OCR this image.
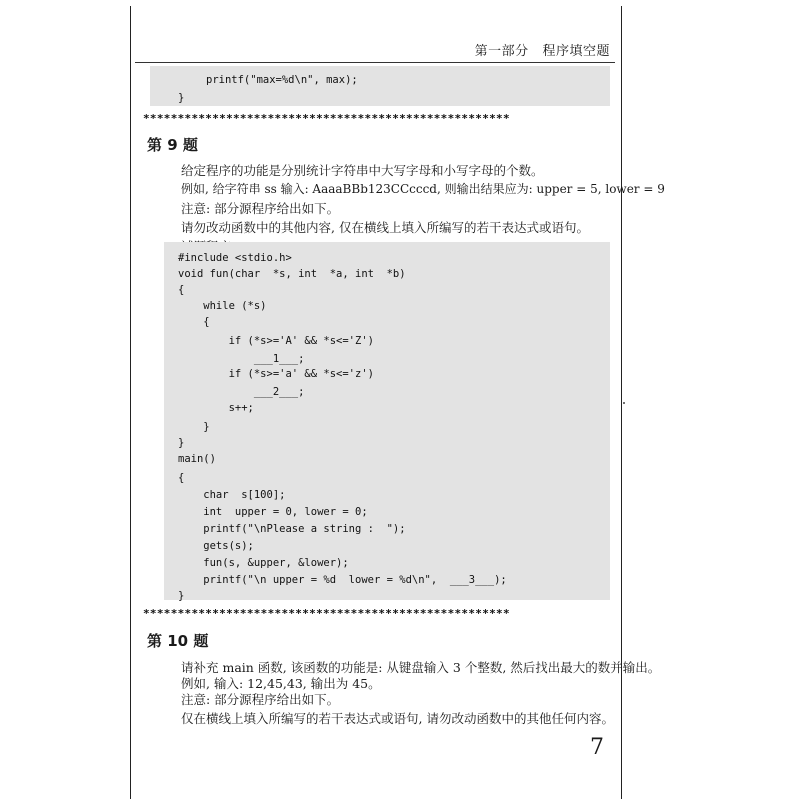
第一部分 程序填空题
printf("max=%d\n", max);
}
*****************************************************
第 9 题
给定程序的功能是分别统计字符串中大写字母和小写字母的个数。
例如, 给字符串 ss 输入: AaaaBBb123CCcccd, 则输出结果应为: upper = 5, lower = 9
注意: 部分源程序给出如下。
请勿改动函数中的其他内容, 仅在横线上填入所编写的若干表达式或语句。
#include <stdio.h>
void fun(char  *s, int  *a, int  *b)
{
while (*s)
{
if (*s>='A' && *s<='Z')
___1___;
if (*s>='a' && *s<='z')
___2___;
s++;
}
}
main()
{
char  s[100];
int  upper = 0, lower = 0;
printf("\nPlease a string :  ");
gets(s);
fun(s, &upper, &lower);
printf("\n upper = %d  lower = %d\n",  ___3___);
}
*****************************************************
第 10 题
请补充 main 函数, 该函数的功能是: 从键盘输入 3 个整数, 然后找出最大的数并输出。
例如, 输入: 12,45,43, 输出为 45。
注意: 部分源程序给出如下。
仅在横线上填入所编写的若干表达式或语句, 请勿改动函数中的其他任何内容。
7
